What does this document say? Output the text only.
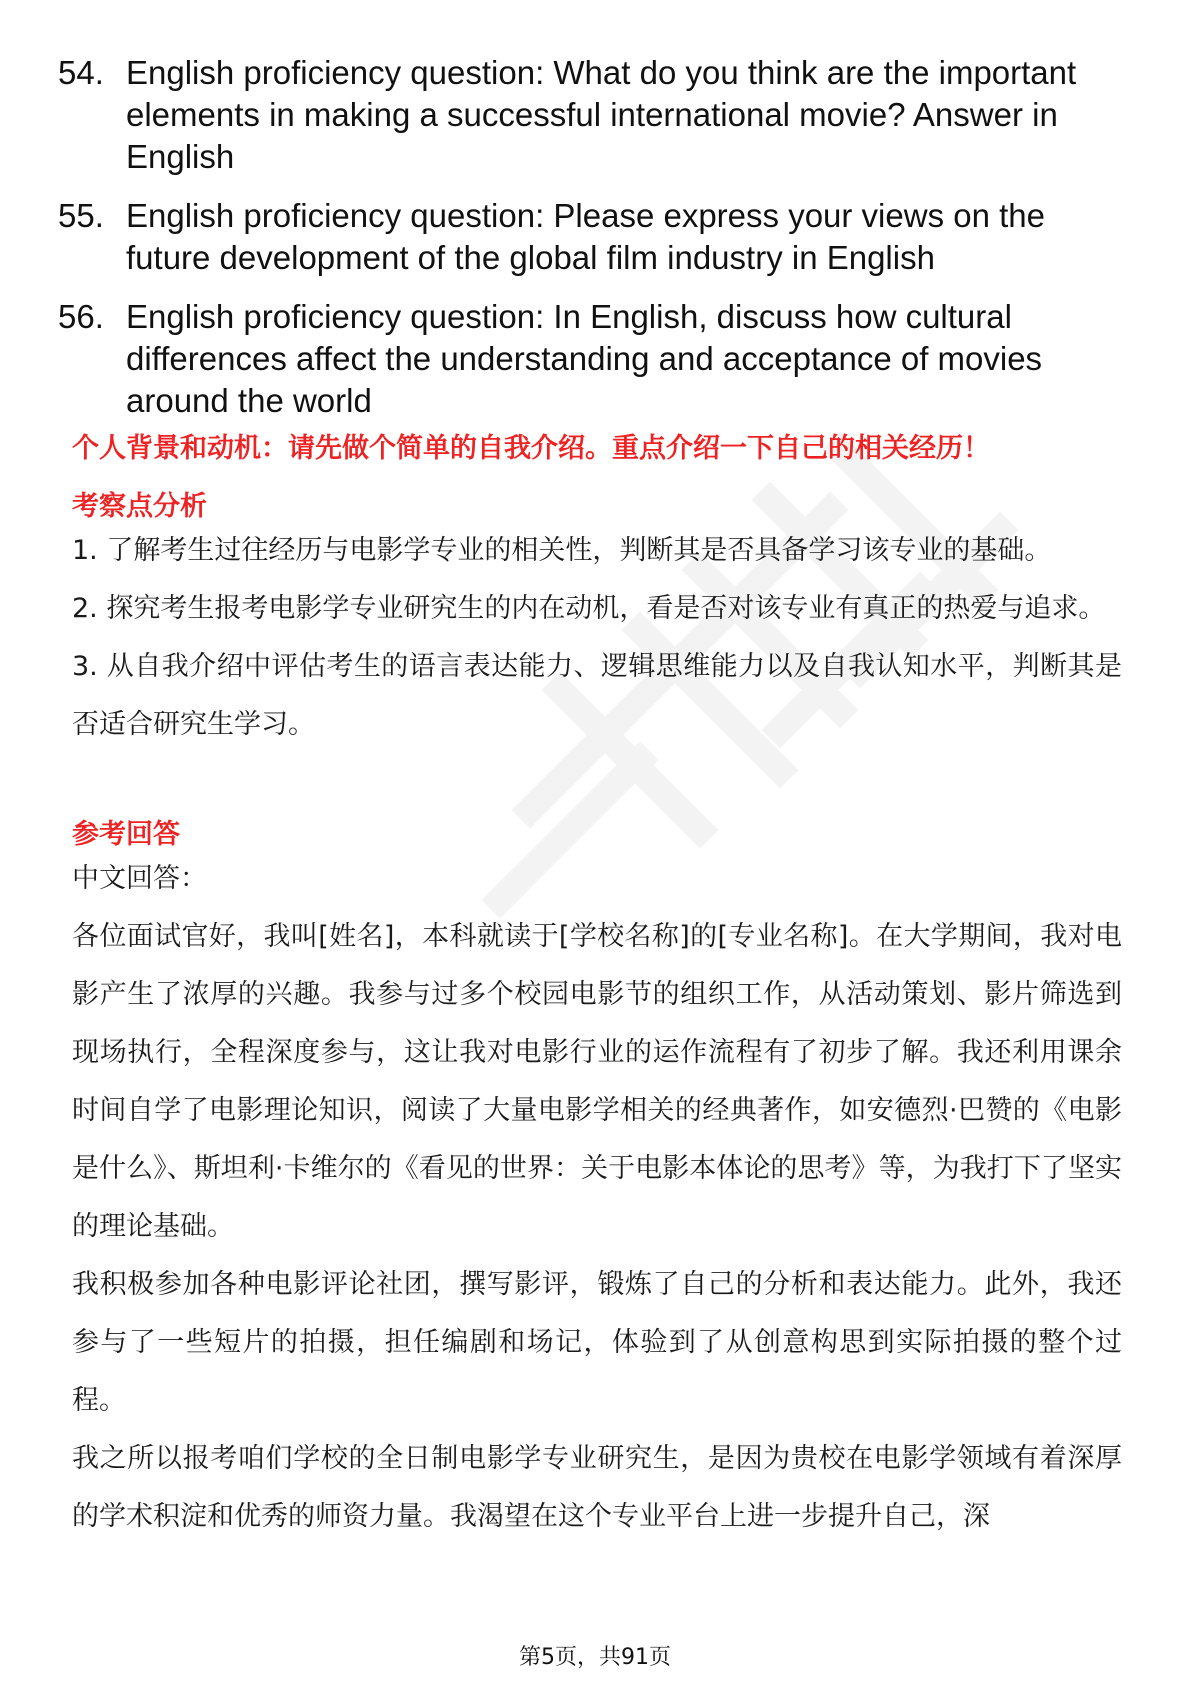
54. English proficiency question: What do you think are the important elements in making a successful international movie? Answer in English
55. English proficiency question: Please express your views on the future development of the global film industry in English
56. English proficiency question: In English, discuss how cultural differences affect the understanding and acceptance of movies around the world
个人背景和动机：请先做个简单的自我介绍。重点介绍一下自己的相关经历！
考察点分析

1. 了解考生过往经历与电影学专业的相关性，判断其是否具备学习该专业的基础。

2. 探究考生报考电影学专业研究生的内在动机，看是否对该专业有真正的热爱与追求。

3. 从自我介绍中评估考生的语言表达能力、逻辑思维能力以及自我认知水平，判断其是否适合研究生学习。

参考回答

中文回答：

各位面试官好，我叫[姓名]，本科就读于[学校名称]的[专业名称]。在大学期间，我对电影产生了浓厚的兴趣。我参与过多个校园电影节的组织工作，从活动策划、影片筛选到现场执行，全程深度参与，这让我对电影行业的运作流程有了初步了解。我还利用课余时间自学了电影理论知识，阅读了大量电影学相关的经典著作，如安德烈·巴赞的《电影是什么》、斯坦利·卡维尔的《看见的世界：关于电影本体论的思考》等，为我打下了坚实的理论基础。

我积极参加各种电影评论社团，撰写影评，锻炼了自己的分析和表达能力。此外，我还参与了一些短片的拍摄，担任编剧和场记，体验到了从创意构思到实际拍摄的整个过程。

我之所以报考咱们学校的全日制电影学专业研究生，是因为贵校在电影学领域有着深厚的学术积淀和优秀的师资力量。我渴望在这个专业平台上进一步提升自己，深

第5页，共91页
